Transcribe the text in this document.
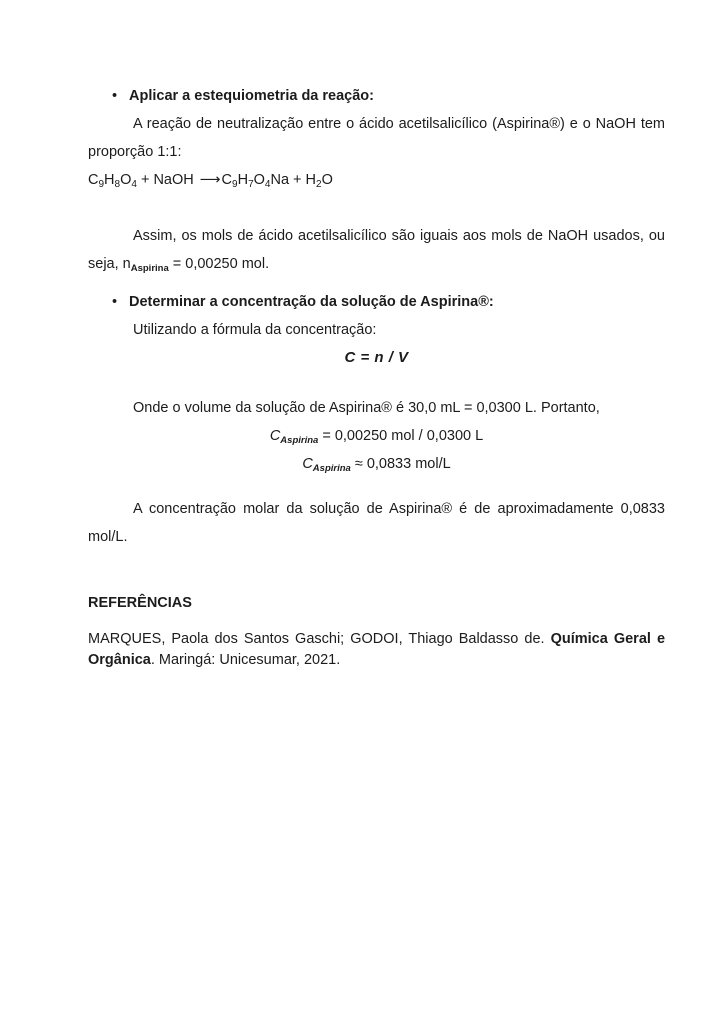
• Aplicar a estequiometria da reação:

A reação de neutralização entre o ácido acetilsalicílico (Aspirina®) e o NaOH tem proporção 1:1:

$C_9H_8O_4$ + NaOH ⟶ $C_9H_7O_4Na + H_2O$

Assim, os mols de ácido acetilsalicílico são iguais aos mols de NaOH usados, ou seja, $n_{Aspirina} = 0,00250$ mol.

• Determinar a concentração da solução de Aspirina®:

Utilizando a fórmula da concentração:

C = n / V

Onde o volume da solução de Aspirina® é 30,0 mL = 0,0300 L. Portanto,

$C_{Aspirina} = 0,00250$ mol / 0,0300 L

$C_{Aspirina} \approx 0,0833$ mol/L

A concentração molar da solução de Aspirina® é de aproximadamente 0,0833 mol/L.

REFERÊNCIAS

MARQUES, Paola dos Santos Gaschi; GODOI, Thiago Baldasso de. Química Geral e Orgânica. Maringá: Unicesumar, 2021.
